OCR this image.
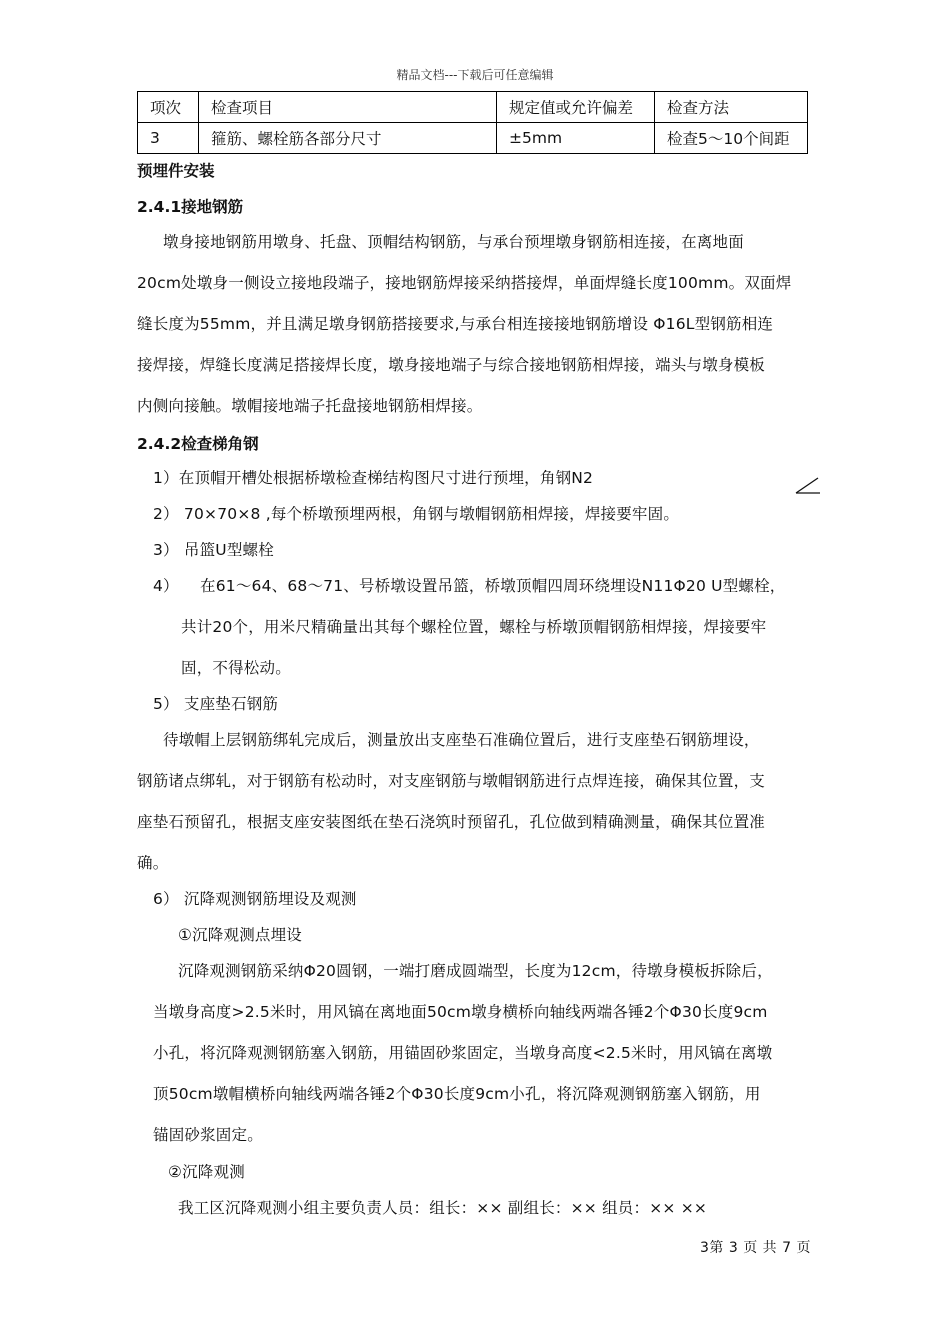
精品文档---下载后可任意编辑
项次	检查项目	规定值或允许偏差	检查方法
3	箍筋、螺栓筋各部分尺寸	±5mm	检查5～10个间距
预埋件安装
2.4.1接地钢筋
墩身接地钢筋用墩身、托盘、顶帽结构钢筋，与承台预埋墩身钢筋相连接，在离地面
20cm处墩身一侧设立接地段端子，接地钢筋焊接采纳搭接焊，单面焊缝长度100mm。双面焊
缝长度为55mm，并且满足墩身钢筋搭接要求,与承台相连接接地钢筋增设 Φ16L型钢筋相连
接焊接，焊缝长度满足搭接焊长度，墩身接地端子与综合接地钢筋相焊接，端头与墩身模板
内侧向接触。墩帽接地端子托盘接地钢筋相焊接。
2.4.2检查梯角钢
1）在顶帽开槽处根据桥墩检查梯结构图尺寸进行预埋，角钢N2
2） 70×70×8 ,每个桥墩预埋两根，角钢与墩帽钢筋相焊接，焊接要牢固。
3） 吊篮U型螺栓
4） 在61～64、68～71、号桥墩设置吊篮，桥墩顶帽四周环绕埋设N11Φ20 U型螺栓，
共计20个，用米尺精确量出其每个螺栓位置，螺栓与桥墩顶帽钢筋相焊接，焊接要牢
固，不得松动。
5） 支座垫石钢筋
待墩帽上层钢筋绑轧完成后，测量放出支座垫石准确位置后，进行支座垫石钢筋埋设，
钢筋诸点绑轧，对于钢筋有松动时，对支座钢筋与墩帽钢筋进行点焊连接，确保其位置，支
座垫石预留孔，根据支座安装图纸在垫石浇筑时预留孔，孔位做到精确测量，确保其位置准
确。
6） 沉降观测钢筋埋设及观测
①沉降观测点埋设
沉降观测钢筋采纳Φ20圆钢，一端打磨成圆端型，长度为12cm，待墩身模板拆除后，
当墩身高度>2.5米时，用风镐在离地面50cm墩身横桥向轴线两端各锤2个Φ30长度9cm
小孔，将沉降观测钢筋塞入钢筋，用锚固砂浆固定，当墩身高度<2.5米时，用风镐在离墩
顶50cm墩帽横桥向轴线两端各锤2个Φ30长度9cm小孔，将沉降观测钢筋塞入钢筋，用
锚固砂浆固定。
②沉降观测
我工区沉降观测小组主要负责人员：组长：×× 副组长：×× 组员：×× ××
3第 3 页 共 7 页
